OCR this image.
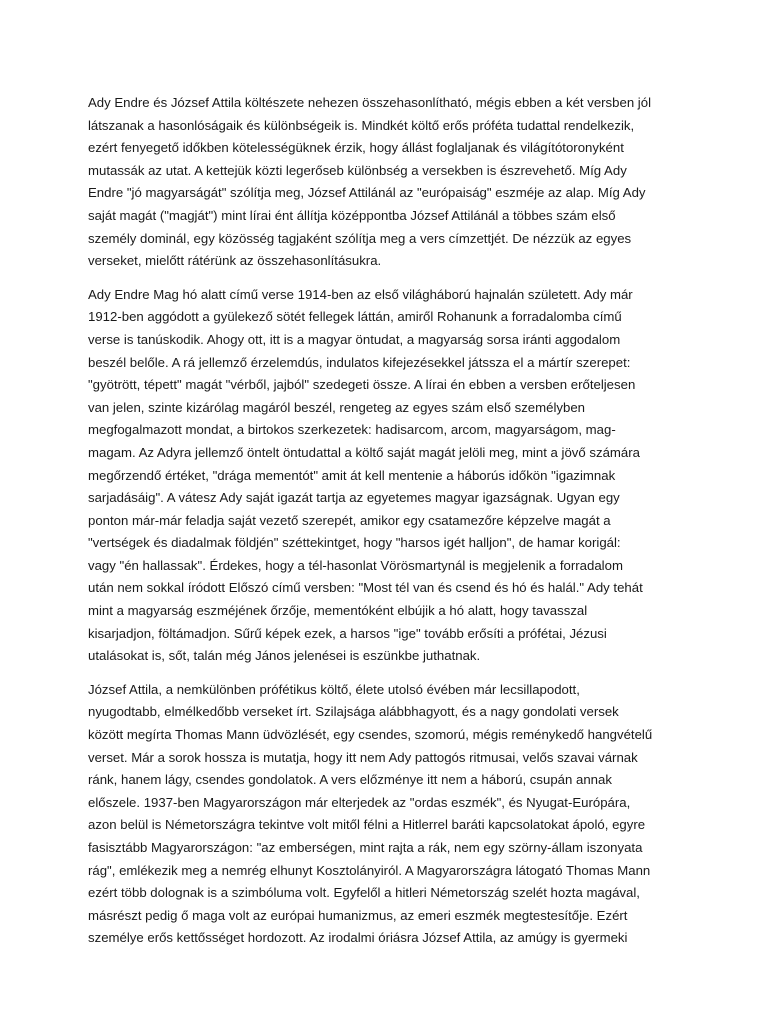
Ady Endre és József Attila költészete nehezen összehasonlítható, mégis ebben a két versben jól
látszanak a hasonlóságaik és különbségeik is. Mindkét költő erős próféta tudattal rendelkezik,
ezért fenyegető időkben kötelességüknek érzik, hogy állást foglaljanak és világítótoronyként
mutassák az utat. A kettejük közti legerőseb különbség a versekben is észrevehető. Míg Ady
Endre "jó magyarságát" szólítja meg, József Attilánál az "európaiság" eszméje az alap. Míg Ady
saját magát ("magját") mint lírai ént állítja középpontba József Attilánál a többes szám első
személy dominál, egy közösség tagjaként szólítja meg a vers címzettjét. De nézzük az egyes
verseket, mielőtt rátérünk az összehasonlításukra.

Ady Endre Mag hó alatt című verse 1914-ben az első világháború hajnalán született. Ady már
1912-ben aggódott a gyülekező sötét fellegek láttán, amiről Rohanunk a forradalomba című
verse is tanúskodik. Ahogy ott, itt is a magyar öntudat, a magyarság sorsa iránti aggodalom
beszél belőle. A rá jellemző érzelemdús, indulatos kifejezésekkel játssza el a mártír szerepet:
"gyötrött, tépett" magát "vérből, jajból" szedegeti össze. A lírai én ebben a versben erőteljesen
van jelen, szinte kizárólag magáról beszél, rengeteg az egyes szám első személyben
megfogalmazott mondat, a birtokos szerkezetek: hadisarcom, arcom, magyarságom, mag-
magam. Az Adyra jellemző öntelt öntudattal a költő saját magát jelöli meg, mint a jövő számára
megőrzendő értéket, "drága mementót" amit át kell mentenie a háborús időkön "igazimnak
sarjadásáig". A vátesz Ady saját igazát tartja az egyetemes magyar igazságnak. Ugyan egy
ponton már-már feladja saját vezető szerepét, amikor egy csatamezőre képzelve magát a
"vertségek és diadalmak földjén" széttekintget, hogy "harsos igét halljon", de hamar korigál:
vagy "én hallassak". Érdekes, hogy a tél-hasonlat Vörösmartynál is megjelenik a forradalom
után nem sokkal íródott Előszó című versben: "Most tél van és csend és hó és halál." Ady tehát
mint a magyarság eszméjének őrzője, mementóként elbújik a hó alatt, hogy tavasszal
kisarjadjon, föltámadjon. Sűrű képek ezek, a harsos "ige" tovább erősíti a prófétai, Jézusi
utalásokat is, sőt, talán még János jelenései is eszünkbe juthatnak.

József Attila, a nemkülönben prófétikus költő, élete utolsó évében már lecsillapodott,
nyugodtabb, elmélkedőbb verseket írt. Szilajsága alábbhagyott, és a nagy gondolati versek
között megírta Thomas Mann üdvözlését, egy csendes, szomorú, mégis reménykedő hangvételű
verset. Már a sorok hossza is mutatja, hogy itt nem Ady pattogós ritmusai, velős szavai várnak
ránk, hanem lágy, csendes gondolatok. A vers előzménye itt nem a háború, csupán annak
előszele. 1937-ben Magyarországon már elterjedek az "ordas eszmék", és Nyugat-Európára,
azon belül is Németországra tekintve volt mitől félni a Hitlerrel baráti kapcsolatokat ápoló, egyre
fasisztább Magyarországon: "az emberségen, mint rajta a rák, nem egy szörny-állam iszonyata
rág", emlékezik meg a nemrég elhunyt Kosztolányiról. A Magyarországra látogató Thomas Mann
ezért több dolognak is a szimbóluma volt. Egyfelől a hitleri Németország szelét hozta magával,
másrészt pedig ő maga volt az európai humanizmus, az emeri eszmék megtestesítője. Ezért
személye erős kettősséget hordozott. Az irodalmi óriásra József Attila, az amúgy is gyermeki
